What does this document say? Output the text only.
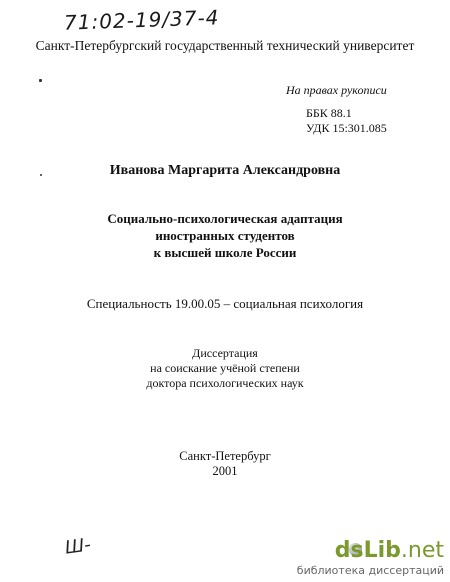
71:02-19/37-4
Санкт-Петербургский государственный технический университет
На правах рукописи
ББК 88.1
УДК 15:301.085
Иванова Маргарита Александровна
Социально-психологическая адаптация
иностранных студентов
к высшей школе России
Специальность 19.00.05 – социальная психология
Диссертация
на соискание учёной степени
доктора психологических наук
Санкт-Петербург
2001
Ш-	dsLib.net
библиотека диссертаций
